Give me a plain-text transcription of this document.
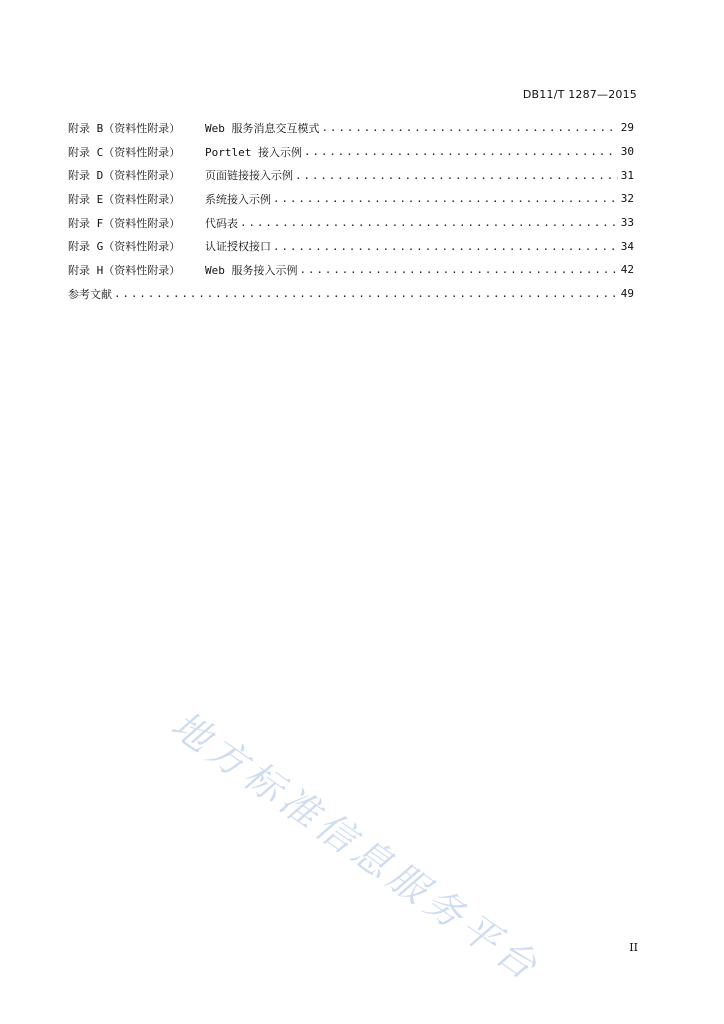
DB11/T 1287—2015
附录 B（资料性附录）	Web 服务消息交互模式 .....	29
附录 C（资料性附录）	Portlet 接入示例 .....	30
附录 D（资料性附录）	页面链接接入示例 .....	31
附录 E（资料性附录）	系统接入示例 .....	32
附录 F（资料性附录）	代码表 .....	33
附录 G（资料性附录）	认证授权接口 .....	34
附录 H（资料性附录）	Web 服务接入示例 .....	42
参考文献 .....	49
地方标准信息服务平台	II
